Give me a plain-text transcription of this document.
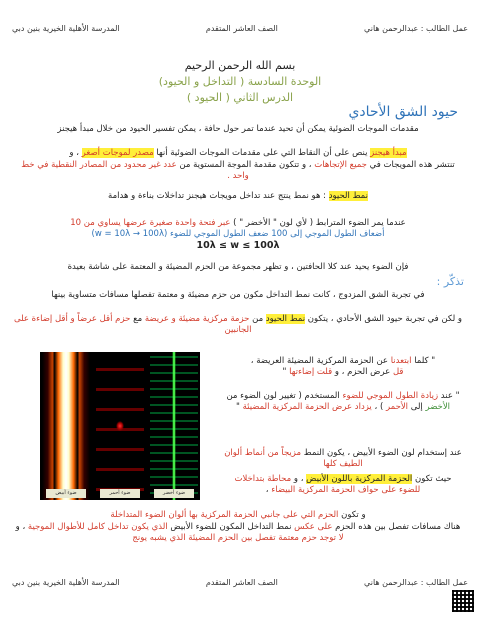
عمل الطالب : عبدالرحمن هاني
الصف العاشر المتقدم
المدرسة الأهلية الخيرية بنين دبي
بسم الله الرحمن الرحيم
الوحدة السادسة ( التداخل و الحيود)
الدرس الثاني ( الحيود )
حيود الشق الأحادي
مقدمات الموجات الضوئية يمكن أن تحيد عندما تمر حول حافة ، يمكن تفسير الحيود من خلال مبدأ هيجنز
مبدأ هيجنز ينص على أن النقاط التي على مقدمات الموجات الضوئية أنها مصدر لموجات أصغر ، و
تنتشر هذه المويجات في جميع الإتجاهات ، و تتكون مقدمة الموجة المستوية من عدد غير محدود من المصادر النقطية في خط واحد .
نمط الحيود : هو نمط ينتج عند تداخل مويجات هيجنز تداخلات بناءة و هدامة
عندما يمر الضوء المترابط ( لأي لون " الأخضر " ) عبر فتحة واحدة صغيرة عرضها يساوي من 10
أضعاف الطول الموجي إلى 100 ضعف الطول الموجي للضوء (w = 10λ → 100λ)
10λ ≤ w ≤ 100λ
فإن الضوء يحيد عند كلا الحافتين ، و تظهر مجموعة من الحزم المضيئة و المعتمة على شاشة بعيدة
تذكّر :
في تجربة الشق المزدوج ، كانت نمط التداخل مكون من حزم مضيئة و معتمة تفصلها مسافات متساوية بينها
و لكن في تجربة حيود الشق الأحادي ، يتكون نمط الحيود من حزمة مركزية مضيئة و عريضة مع حزم أقل عرضاً و أقل إضاءة على الجانبين
ضوء أبيض	ضوء أحمر	ضوء أخضر
" كلما ابتعدنا عن الحزمة المركزية المضيئة العريضة ،
قل عرض الحزم ، و قلت إضاءتها "
" عند زيادة الطول الموجي للضوء المستخدم ( تغيير لون الضوء من الأخضر إلى الأحمر ) ، يزداد عرض الحزمة المركزية المضيئة "
عند إستخدام لون الضوء الأبيض ، يكون النمط مزيجاً من أنماط ألوان الطيف كلها
حيث تكون الحزمة المركزية باللون الأبيض ، و محاطة بتداخلات للضوء على حواف الحزمة المركزية البيضاء ،
و تكون الحزم التي على جانبي الحزمة المركزية بها ألوان الضوء المتداخلة
هناك مسافات تفصل بين هذه الحزم على عكس نمط التداخل المكون للضوء الأبيض الذي يكون تداخل كامل للأطوال الموجية ، و لا توجد حزم معتمة تفصل بين الحزم المضيئة الذي يشبه يونج
عمل الطالب : عبدالرحمن هاني
الصف العاشر المتقدم
المدرسة الأهلية الخيرية بنين دبي
